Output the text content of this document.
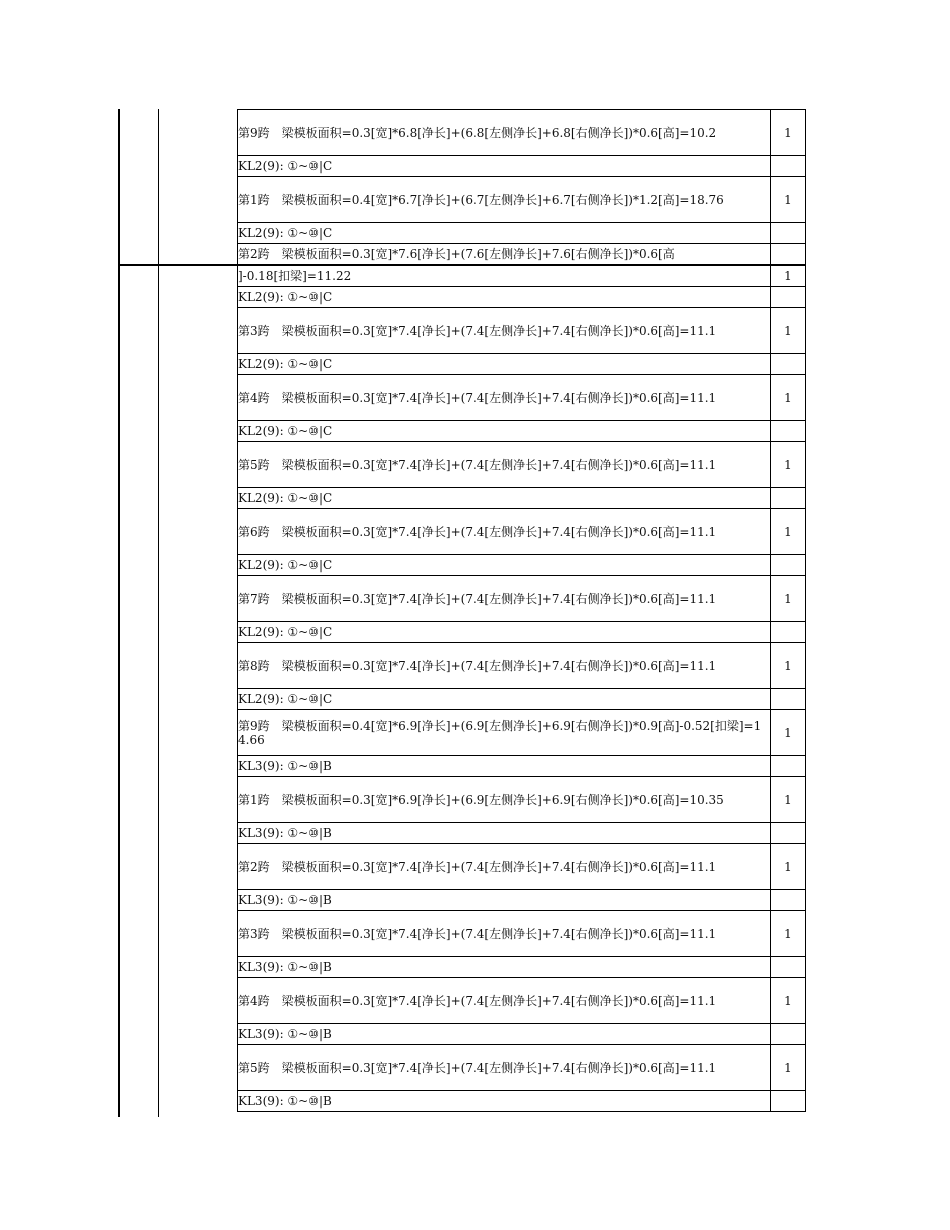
第9跨　梁模板面积=0.3[宽]*6.8[净长]+(6.8[左侧净长]+6.8[右侧净长])*0.6[高]=10.2	1

KL2(9): ①~⑩|C	

第1跨　梁模板面积=0.4[宽]*6.7[净长]+(6.7[左侧净长]+6.7[右侧净长])*1.2[高]=18.76	1

KL2(9): ①~⑩|C	

第2跨　梁模板面积=0.3[宽]*7.6[净长]+(7.6[左侧净长]+7.6[右侧净长])*0.6[高	

]-0.18[扣梁]=11.22	1

KL2(9): ①~⑩|C	

第3跨　梁模板面积=0.3[宽]*7.4[净长]+(7.4[左侧净长]+7.4[右侧净长])*0.6[高]=11.1	1

KL2(9): ①~⑩|C	

第4跨　梁模板面积=0.3[宽]*7.4[净长]+(7.4[左侧净长]+7.4[右侧净长])*0.6[高]=11.1	1

KL2(9): ①~⑩|C	

第5跨　梁模板面积=0.3[宽]*7.4[净长]+(7.4[左侧净长]+7.4[右侧净长])*0.6[高]=11.1	1

KL2(9): ①~⑩|C	

第6跨　梁模板面积=0.3[宽]*7.4[净长]+(7.4[左侧净长]+7.4[右侧净长])*0.6[高]=11.1	1

KL2(9): ①~⑩|C	

第7跨　梁模板面积=0.3[宽]*7.4[净长]+(7.4[左侧净长]+7.4[右侧净长])*0.6[高]=11.1	1

KL2(9): ①~⑩|C	

第8跨　梁模板面积=0.3[宽]*7.4[净长]+(7.4[左侧净长]+7.4[右侧净长])*0.6[高]=11.1	1

KL2(9): ①~⑩|C	

第9跨　梁模板面积=0.4[宽]*6.9[净长]+(6.9[左侧净长]+6.9[右侧净长])*0.9[高]-0.52[扣梁]=14.66	1

KL3(9): ①~⑩|B	

第1跨　梁模板面积=0.3[宽]*6.9[净长]+(6.9[左侧净长]+6.9[右侧净长])*0.6[高]=10.35	1

KL3(9): ①~⑩|B	

第2跨　梁模板面积=0.3[宽]*7.4[净长]+(7.4[左侧净长]+7.4[右侧净长])*0.6[高]=11.1	1

KL3(9): ①~⑩|B	

第3跨　梁模板面积=0.3[宽]*7.4[净长]+(7.4[左侧净长]+7.4[右侧净长])*0.6[高]=11.1	1

KL3(9): ①~⑩|B	

第4跨　梁模板面积=0.3[宽]*7.4[净长]+(7.4[左侧净长]+7.4[右侧净长])*0.6[高]=11.1	1

KL3(9): ①~⑩|B	

第5跨　梁模板面积=0.3[宽]*7.4[净长]+(7.4[左侧净长]+7.4[右侧净长])*0.6[高]=11.1	1

KL3(9): ①~⑩|B	
